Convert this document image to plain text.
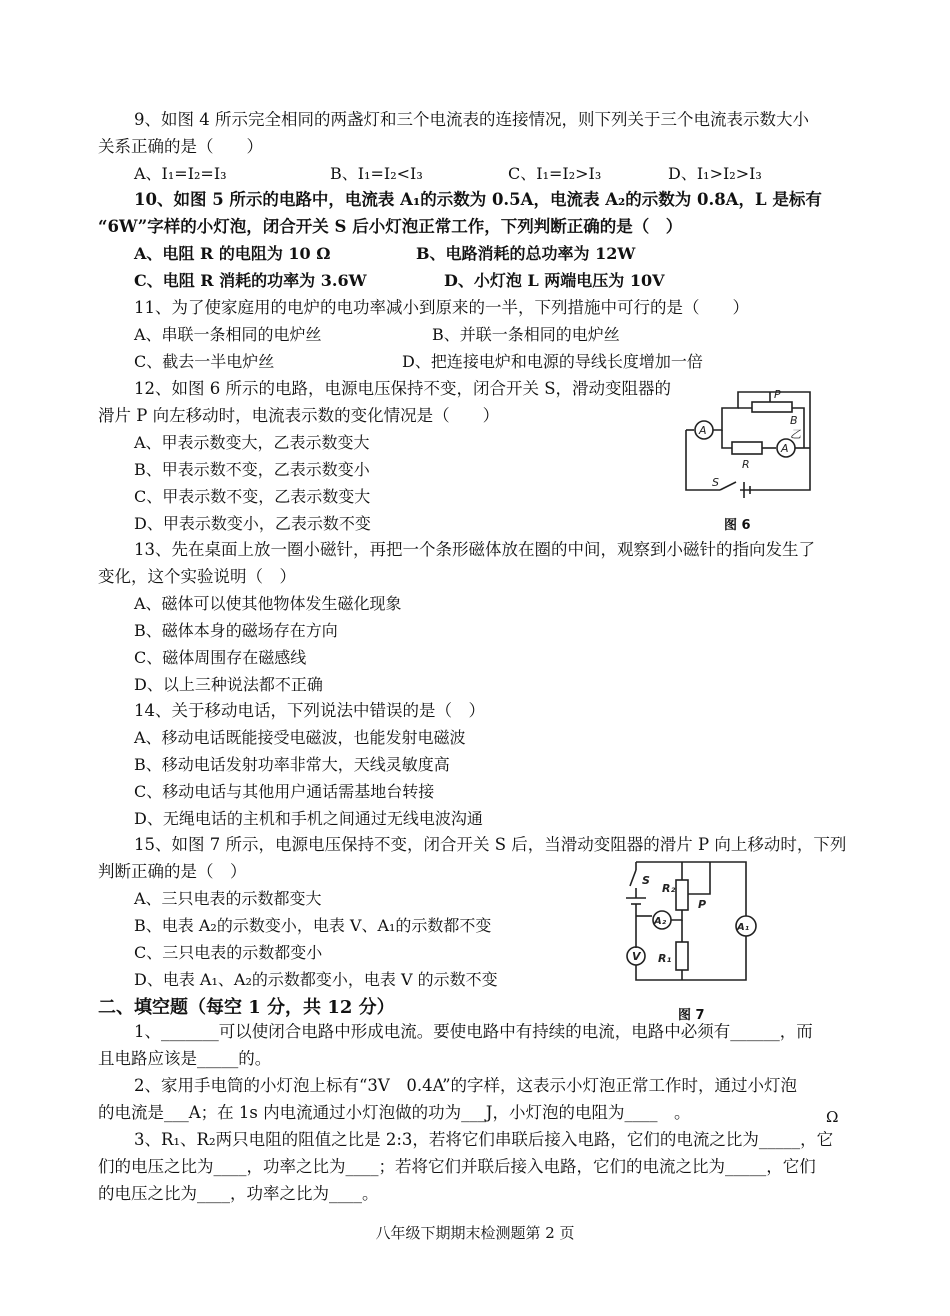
9、如图 4 所示完全相同的两盏灯和三个电流表的连接情况，则下列关于三个电流表示数大小
关系正确的是（　　）
A、I₁=I₂=I₃	B、I₁=I₂<I₃	C、I₁=I₂>I₃	D、I₁>I₂>I₃
10、如图 5 所示的电路中，电流表 A₁的示数为 0.5A，电流表 A₂的示数为 0.8A，L 是标有
“6W”字样的小灯泡，闭合开关 S 后小灯泡正常工作，下列判断正确的是（　）
A、电阻 R 的电阻为 10 Ω	B、电路消耗的总功率为 12W
C、电阻 R 消耗的功率为 3.6W	D、小灯泡 L 两端电压为 10V
11、为了使家庭用的电炉的电功率减小到原来的一半，下列措施中可行的是（　　）
A、串联一条相同的电炉丝	B、并联一条相同的电炉丝
C、截去一半电炉丝	D、把连接电炉和电源的导线长度增加一倍
12、如图 6 所示的电路，电源电压保持不变，闭合开关 S，滑动变阻器的
滑片 P 向左移动时，电流表示数的变化情况是（　　）
A、甲表示数变大，乙表示数变大
B、甲表示数不变，乙表示数变小
C、甲表示数不变，乙表示数变大
D、甲表示数变小，乙表示数不变
A
A
P
B
乙
R
S
图 6
13、先在桌面上放一圈小磁针，再把一个条形磁体放在圈的中间，观察到小磁针的指向发生了
变化，这个实验说明（　）
A、磁体可以使其他物体发生磁化现象
B、磁体本身的磁场存在方向
C、磁体周围存在磁感线
D、以上三种说法都不正确
14、关于移动电话，下列说法中错误的是（　）
A、移动电话既能接受电磁波，也能发射电磁波
B、移动电话发射功率非常大，天线灵敏度高
C、移动电话与其他用户通话需基地台转接
D、无绳电话的主机和手机之间通过无线电波沟通
15、如图 7 所示，电源电压保持不变，闭合开关 S 后，当滑动变阻器的滑片 P 向上移动时，下列
判断正确的是（　）
A、三只电表的示数都变大
B、电表 A₂的示数变小，电表 V、A₁的示数都不变
C、三只电表的示数都变小
D、电表 A₁、A₂的示数都变小，电表 V 的示数不变
S
R₂
P
A₁
A₂
V R₁
图 7
二、填空题（每空 1 分，共 12 分）
1、_______可以使闭合电路中形成电流。要使电路中有持续的电流，电路中必须有______，而
且电路应该是_____的。
2、家用手电筒的小灯泡上标有“3V　0.4A”的字样，这表示小灯泡正常工作时，通过小灯泡
的电流是___A；在 1s 内电流通过小灯泡做的功为___J，小灯泡的电阻为____　。	Ω
3、R₁、R₂两只电阻的阻值之比是 2:3，若将它们串联后接入电路，它们的电流之比为_____，它
们的电压之比为____，功率之比为____；若将它们并联后接入电路，它们的电流之比为_____，它们
的电压之比为____，功率之比为____。
八年级下期期末检测题第 2 页
